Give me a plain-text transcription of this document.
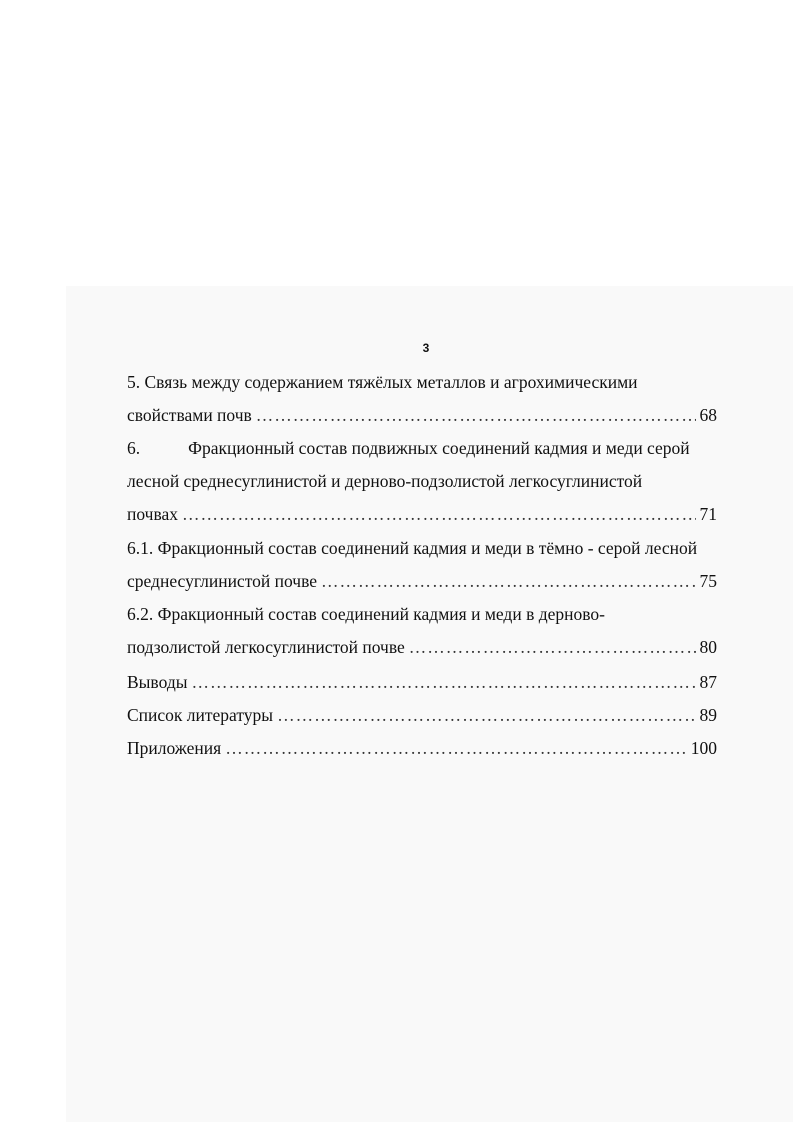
3
5. Связь между содержанием тяжёлых металлов и агрохимическими
свойствами почв ……………………………………………………………………………………………………………………………………………………………………………	68
6.	Фракционный состав подвижных соединений кадмия и меди серой
лесной среднесуглинистой и дерново-подзолистой легкосуглинистой
почвах ……………………………………………………………………………………………………………………………………………………………………………	71
6.1. Фракционный состав соединений кадмия и меди в тёмно - серой лесной
среднесуглинистой почве ……………………………………………………………………………………………………………………………………………………………………………	75
6.2. Фракционный состав соединений кадмия и меди в дерново-
подзолистой легкосуглинистой почве ……………………………………………………………………………………………………………………………………………………………………………	80
Выводы ……………………………………………………………………………………………………………………………………………………………………………	87
Список литературы ……………………………………………………………………………………………………………………………………………………………………………	89
Приложения ……………………………………………………………………………………………………………………………………………………………………………	100
